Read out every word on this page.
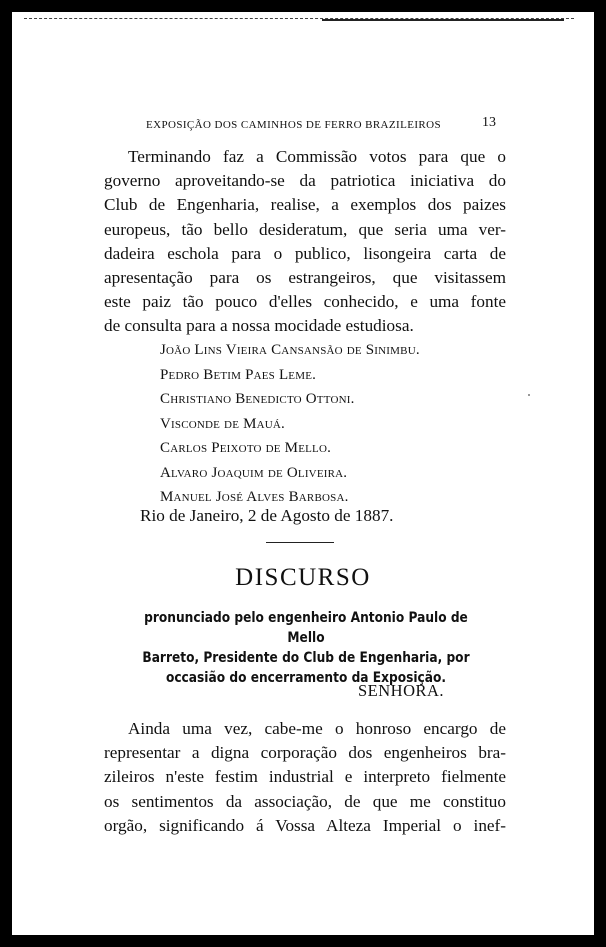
EXPOSIÇÃO DOS CAMINHOS DE FERRO BRAZILEIROS	13
Terminando faz a Commissão votos para que o
governo aproveitando-se da patriotica iniciativa do
Club de Engenharia, realise, a exemplos dos paizes
europeus, tão bello desideratum, que seria uma ver-
dadeira escholа para o publico, lisongeira carta de
apresentação para os estrangeiros, que visitassem
este paiz tão pouco d'elles conhecido, e uma fonte
de consulta para a nossa mocidade estudiosa.
João Lins Vieira Cansansão de Sinimbu.
Pedro Betim Paes Leme.
Christiano Benedicto Ottoni.
Visconde de Mauá.
Carlos Peixoto de Mello.
Alvaro Joaquim de Oliveira.
Manuel José Alves Barbosa.
Rio de Janeiro, 2 de Agosto de 1887.
DISCURSO
pronunciado pelo engenheiro Antonio Paulo de Mello
Barreto, Presidente do Club de Engenharia, por
occasião do encerramento da Exposição.
SENHORA.
Ainda uma vez, cabe-me o honroso encargo de
representar a digna corporação dos engenheiros bra-
zileiros n'este festim industrial e interpreto fielmente
os sentimentos da associação, de que me constituo
orgão, significando á Vossa Alteza Imperial o inef-
